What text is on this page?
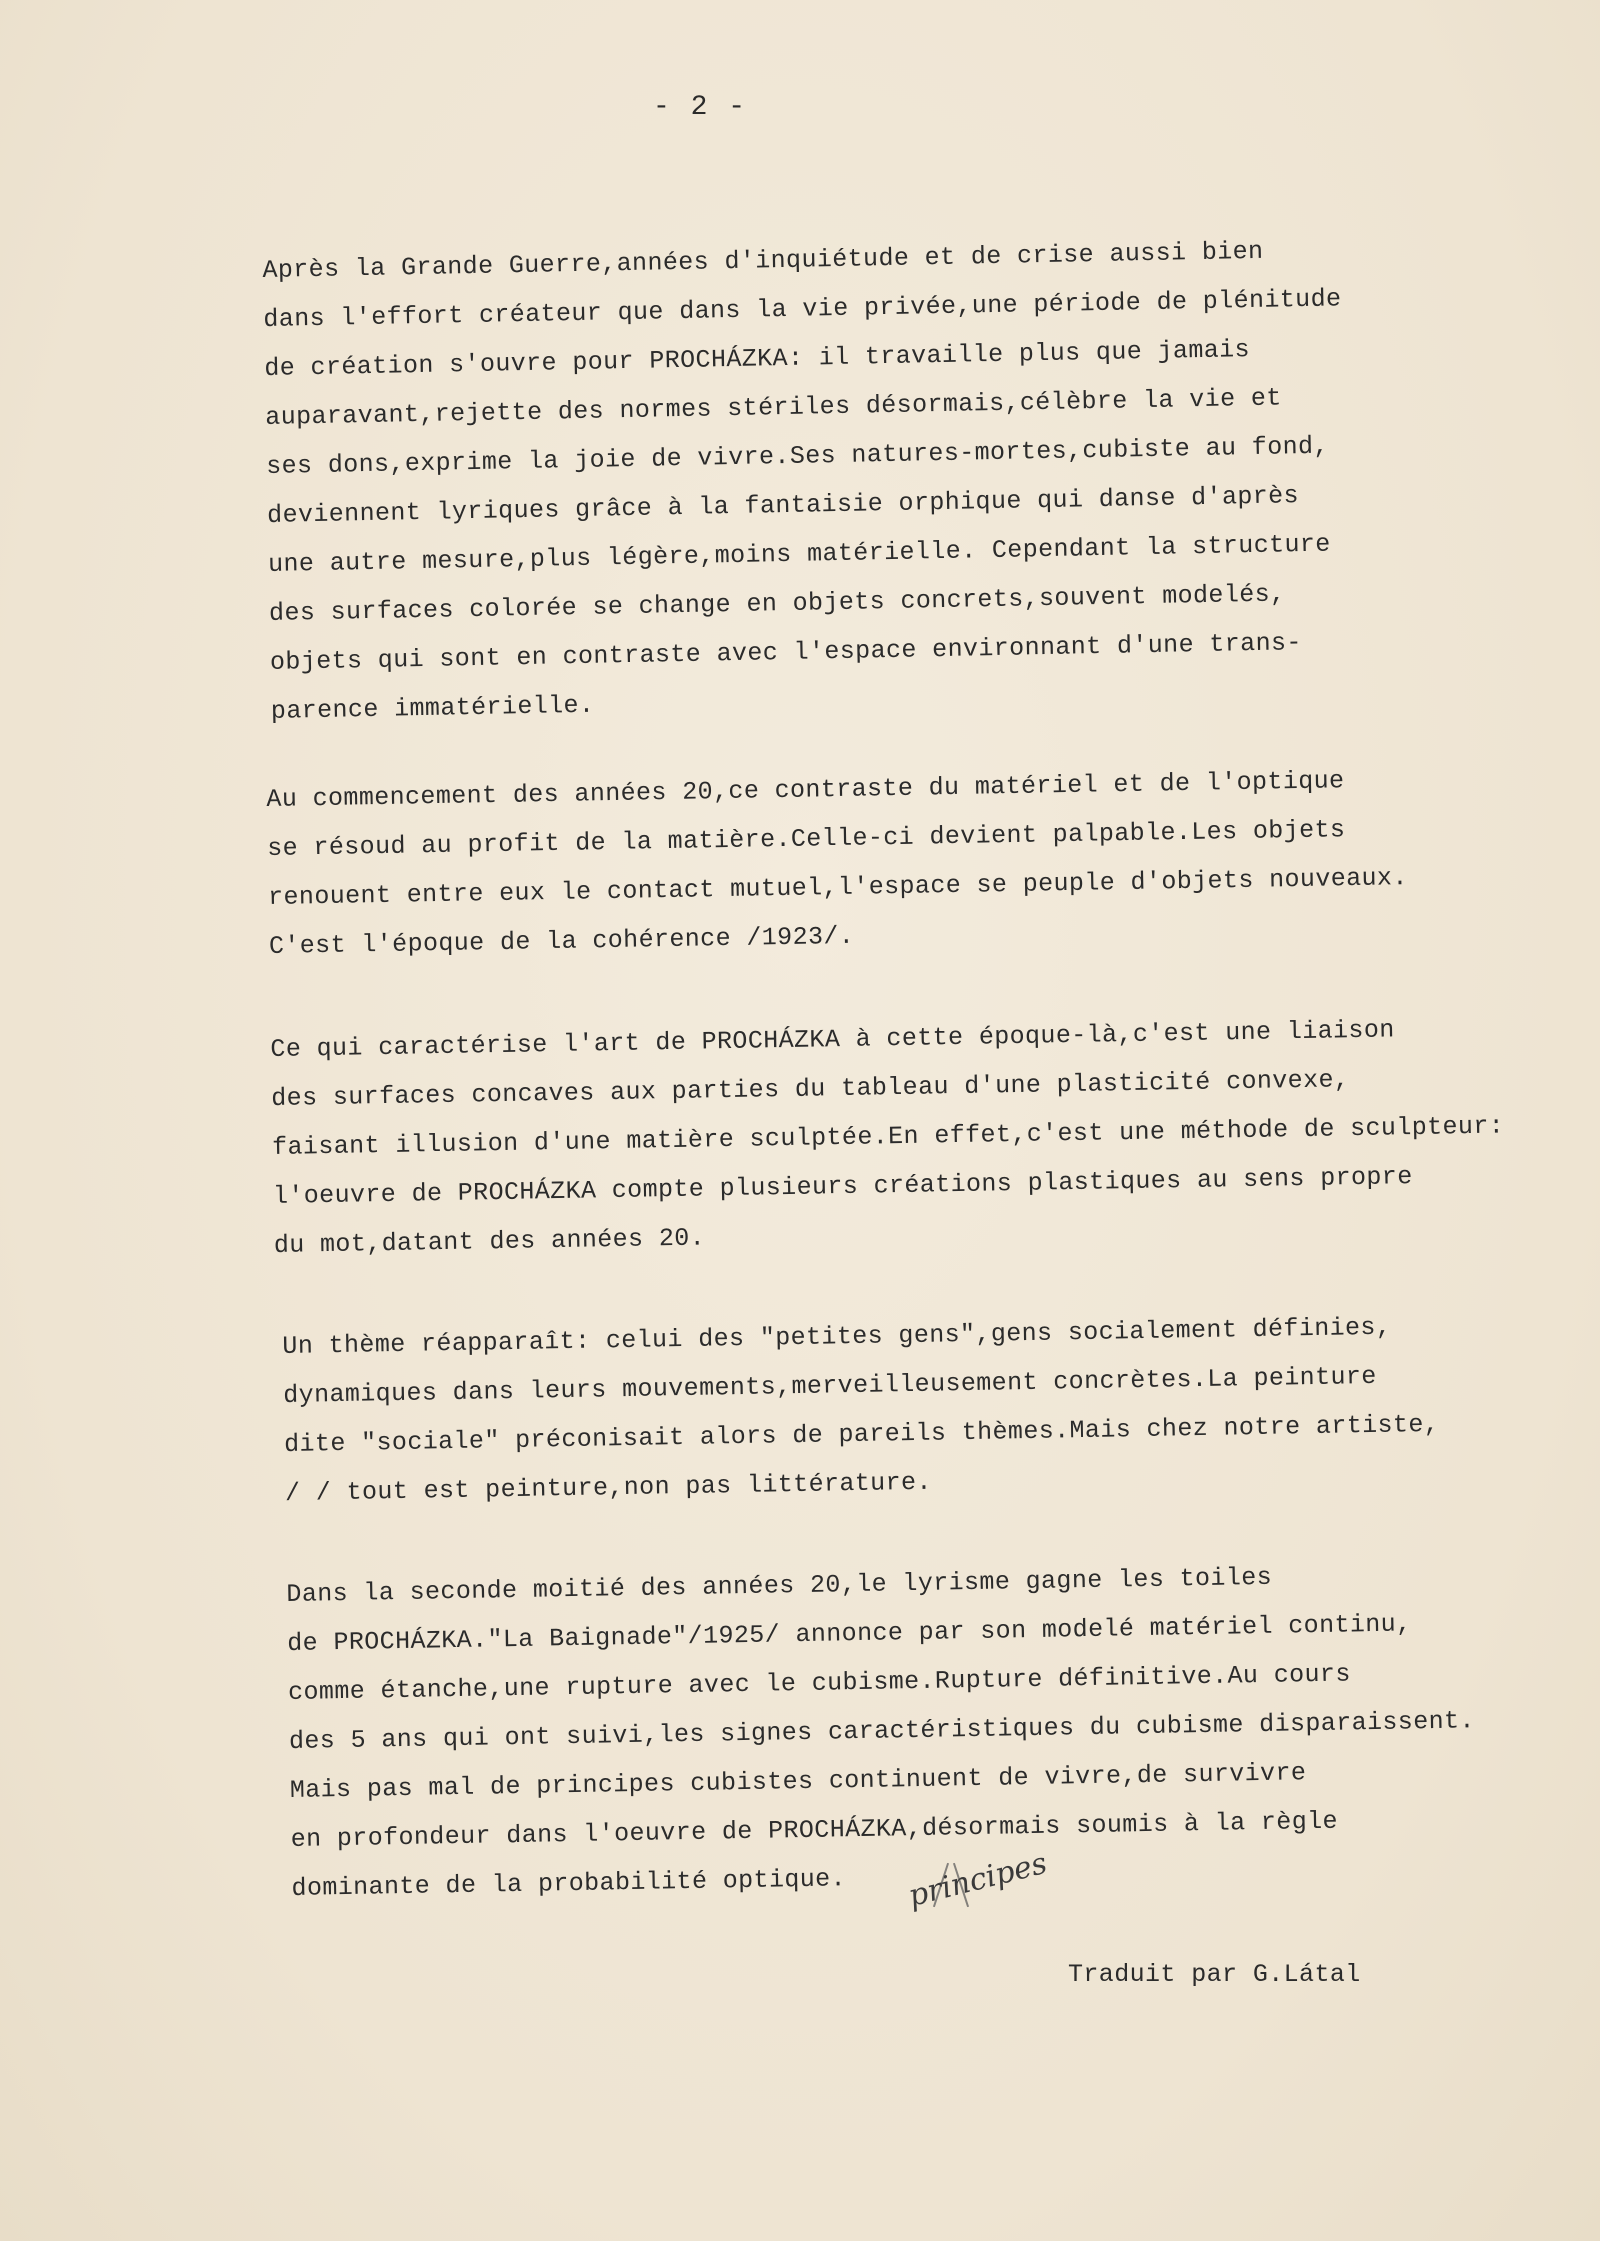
- 2 -
Après la Grande Guerre,années d'inquiétude et de crise aussi bien
dans l'effort créateur que dans la vie privée,une période de plénitude
de création s'ouvre pour PROCHÁZKA: il travaille plus que jamais
auparavant,rejette des normes stériles désormais,célèbre la vie et
ses dons,exprime la joie de vivre.Ses natures-mortes,cubiste au fond,
deviennent lyriques grâce à la fantaisie orphique qui danse d'après
une autre mesure,plus légère,moins matérielle. Cependant la structure
des surfaces colorée se change en objets concrets,souvent modelés,
objets qui sont en contraste avec l'espace environnant d'une trans-
parence immatérielle.
Au commencement des années 20,ce contraste du matériel et de l'optique
se résoud au profit de la matière.Celle-ci devient palpable.Les objets
renouent entre eux le contact mutuel,l'espace se peuple d'objets nouveaux.
C'est l'époque de la cohérence /1923/.
Ce qui caractérise l'art de PROCHÁZKA à cette époque-là,c'est une liaison
des surfaces concaves aux parties du tableau d'une plasticité convexe,
faisant illusion d'une matière sculptée.En effet,c'est une méthode de sculpteur:
l'oeuvre de PROCHÁZKA compte plusieurs créations plastiques au sens propre
du mot,datant des années 20.
Un thème réapparaît: celui des "petites gens",gens socialement définies,
dynamiques dans leurs mouvements,merveilleusement concrètes.La peinture
dite "sociale" préconisait alors de pareils thèmes.Mais chez notre artiste,
/ / tout est peinture,non pas littérature.
Dans la seconde moitié des années 20,le lyrisme gagne les toiles
de PROCHÁZKA."La Baignade"/1925/ annonce par son modelé matériel continu,
comme étanche,une rupture avec le cubisme.Rupture définitive.Au cours
des 5 ans qui ont suivi,les signes caractéristiques du cubisme disparaissent.
Mais pas mal de principes cubistes continuent de vivre,de survivre
en profondeur dans l'oeuvre de PROCHÁZKA,désormais soumis à la règle
dominante de la probabilité optique.	principes
Traduit par G.Látal
